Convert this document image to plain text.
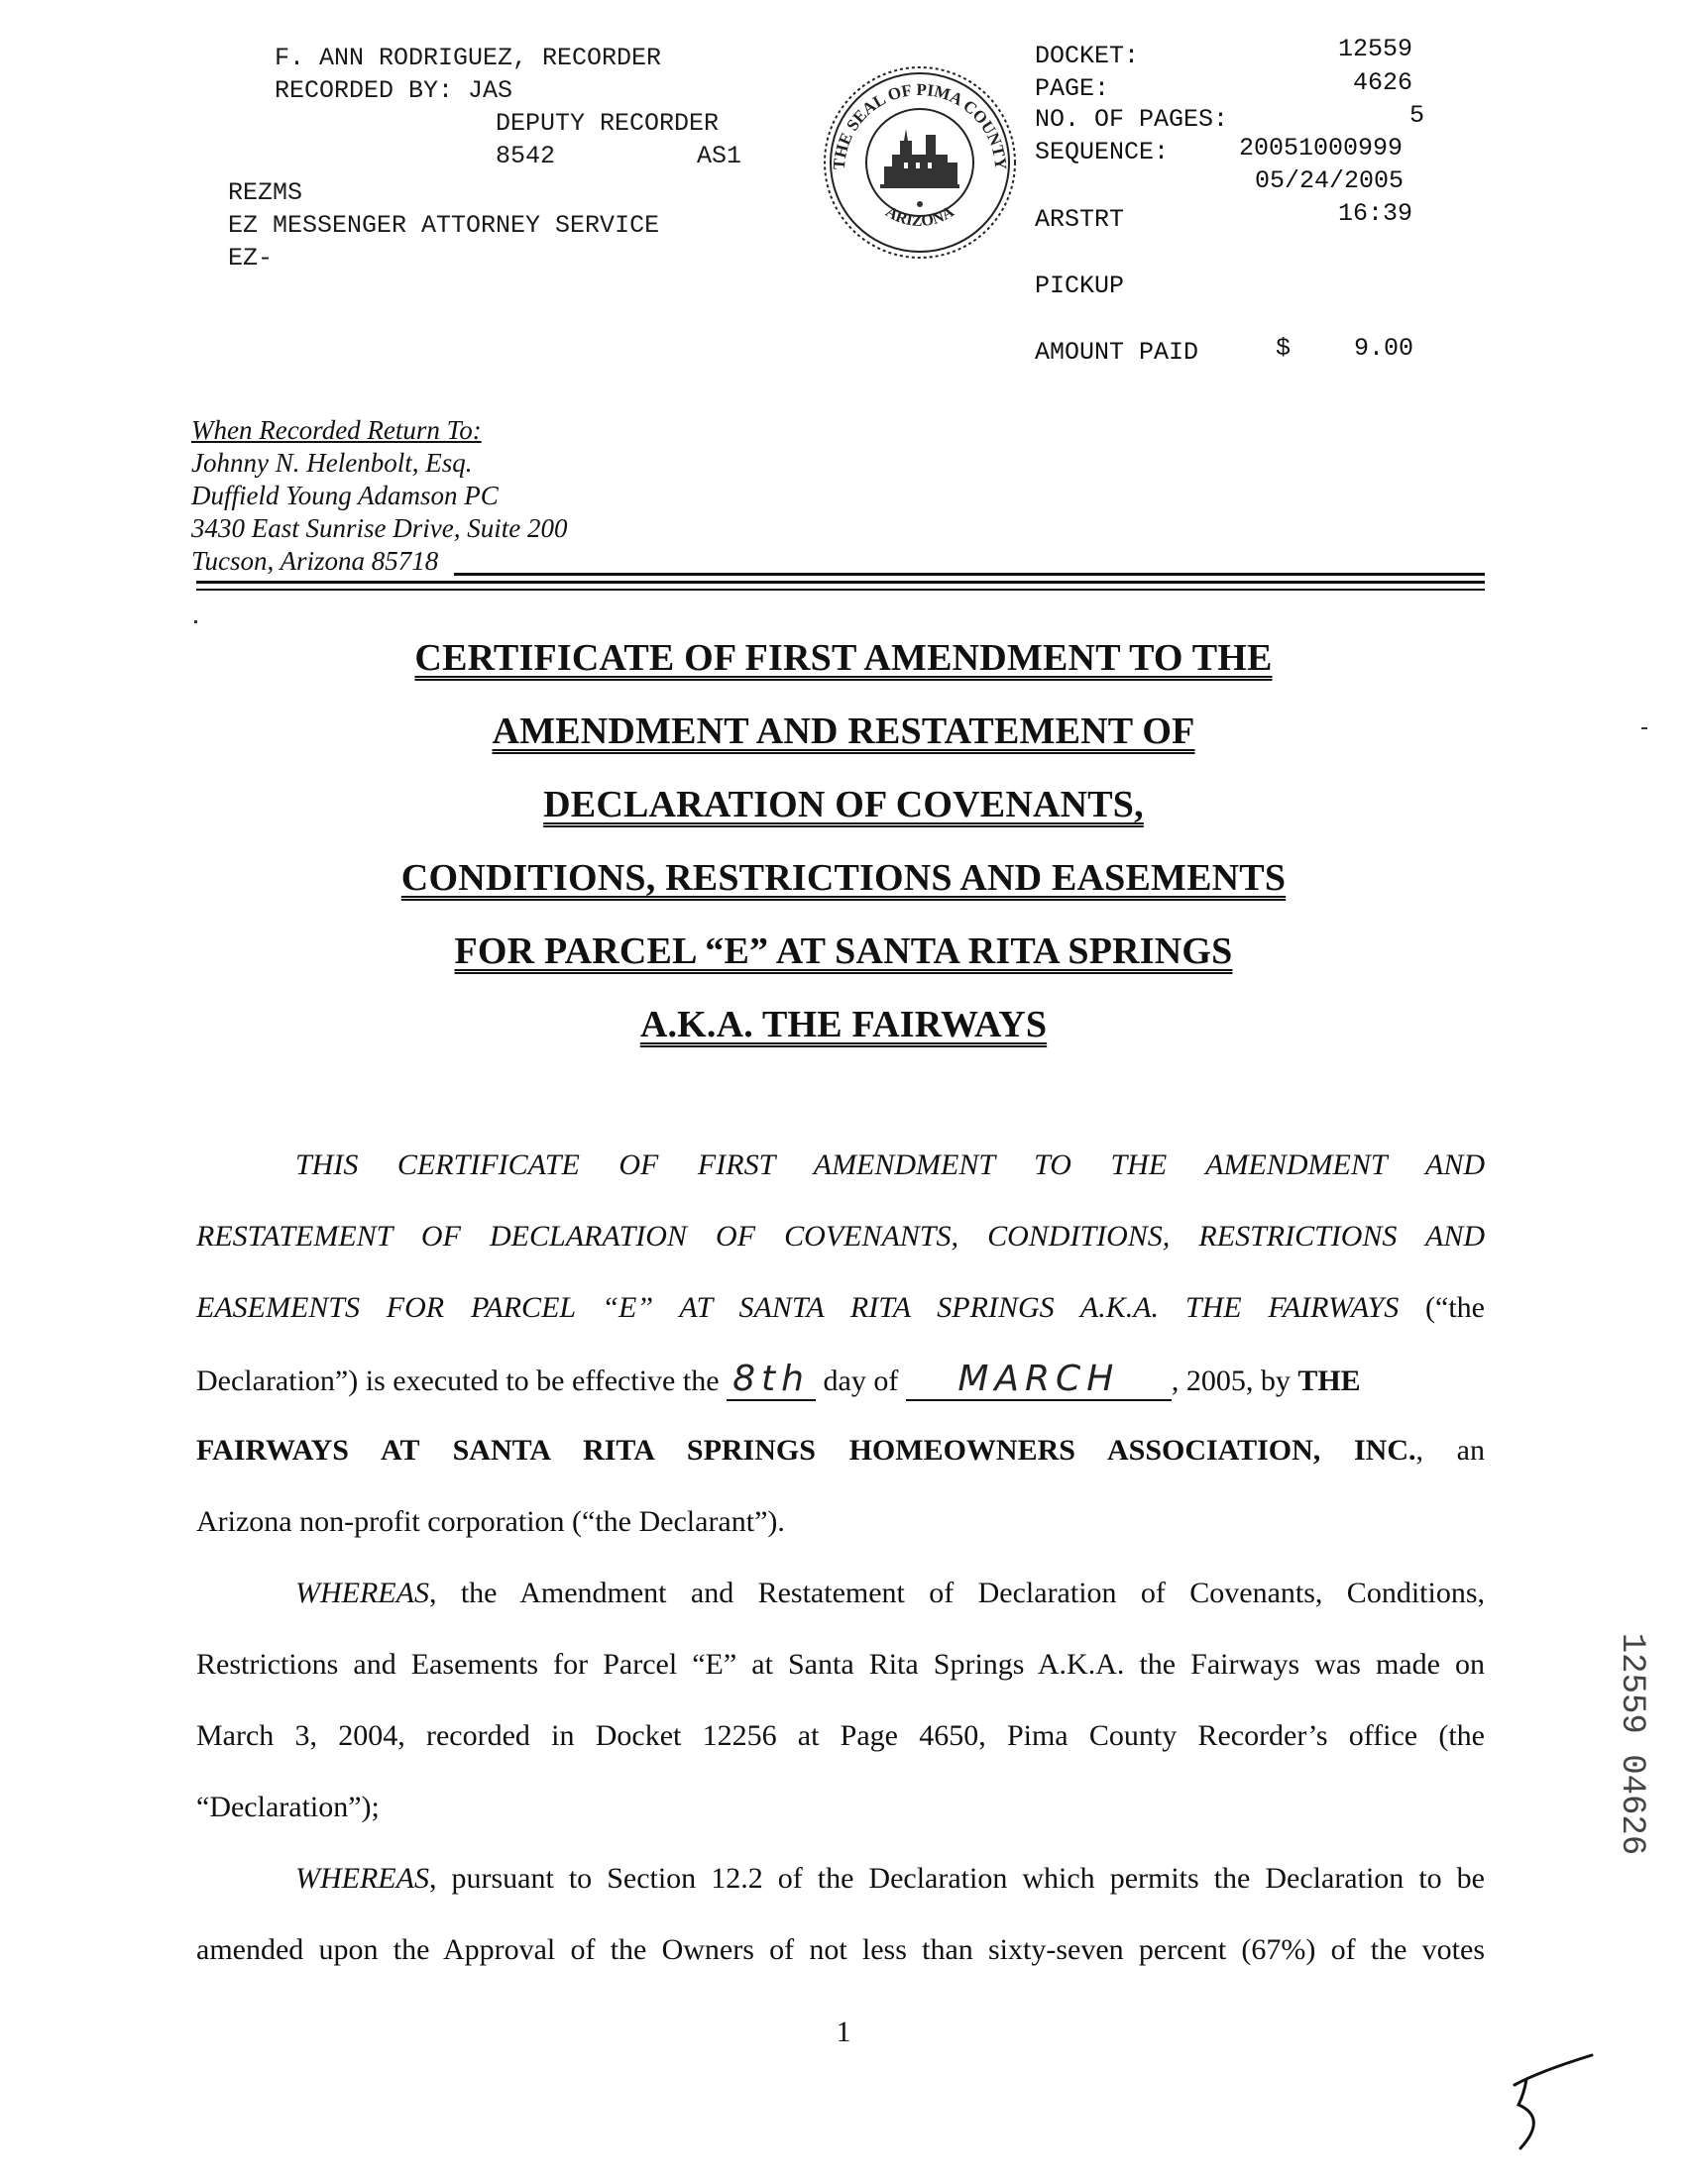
F. ANN RODRIGUEZ, RECORDER
RECORDED BY: JAS
DEPUTY RECORDER
8542	AS1
REZMS
EZ MESSENGER ATTORNEY SERVICE
EZ-
THE SEAL OF PIMA COUNTY
ARIZONA
DOCKET:	12559
PAGE:	4626
NO. OF PAGES:	5
SEQUENCE:	20051000999
05/24/2005
ARSTRT	16:39
PICKUP
AMOUNT PAID	$	9.00
When Recorded Return To:
Johnny N. Helenbolt, Esq.
Duffield Young Adamson PC
3430 East Sunrise Drive, Suite 200
Tucson, Arizona 85718
CERTIFICATE OF FIRST AMENDMENT TO THE
AMENDMENT AND RESTATEMENT OF
DECLARATION OF COVENANTS,
CONDITIONS, RESTRICTIONS AND EASEMENTS
FOR PARCEL “E” AT SANTA RITA SPRINGS
A.K.A. THE FAIRWAYS
THIS CERTIFICATE OF FIRST AMENDMENT TO THE AMENDMENT AND
RESTATEMENT OF DECLARATION OF COVENANTS, CONDITIONS, RESTRICTIONS AND
EASEMENTS FOR PARCEL “E” AT SANTA RITA SPRINGS A.K.A. THE FAIRWAYS (“the
Declaration”) is executed to be effective the 8th day of MARCH , 2005, by THE
FAIRWAYS AT SANTA RITA SPRINGS HOMEOWNERS ASSOCIATION, INC., an
Arizona non-profit corporation (“the Declarant”).
WHEREAS, the Amendment and Restatement of Declaration of Covenants, Conditions,
Restrictions and Easements for Parcel “E” at Santa Rita Springs A.K.A. the Fairways was made on
March 3, 2004, recorded in Docket 12256 at Page 4650, Pima County Recorder’s office (the
“Declaration”);
WHEREAS, pursuant to Section 12.2 of the Declaration which permits the Declaration to be
amended upon the Approval of the Owners of not less than sixty-seven percent (67%) of the votes
1
12559 04626
